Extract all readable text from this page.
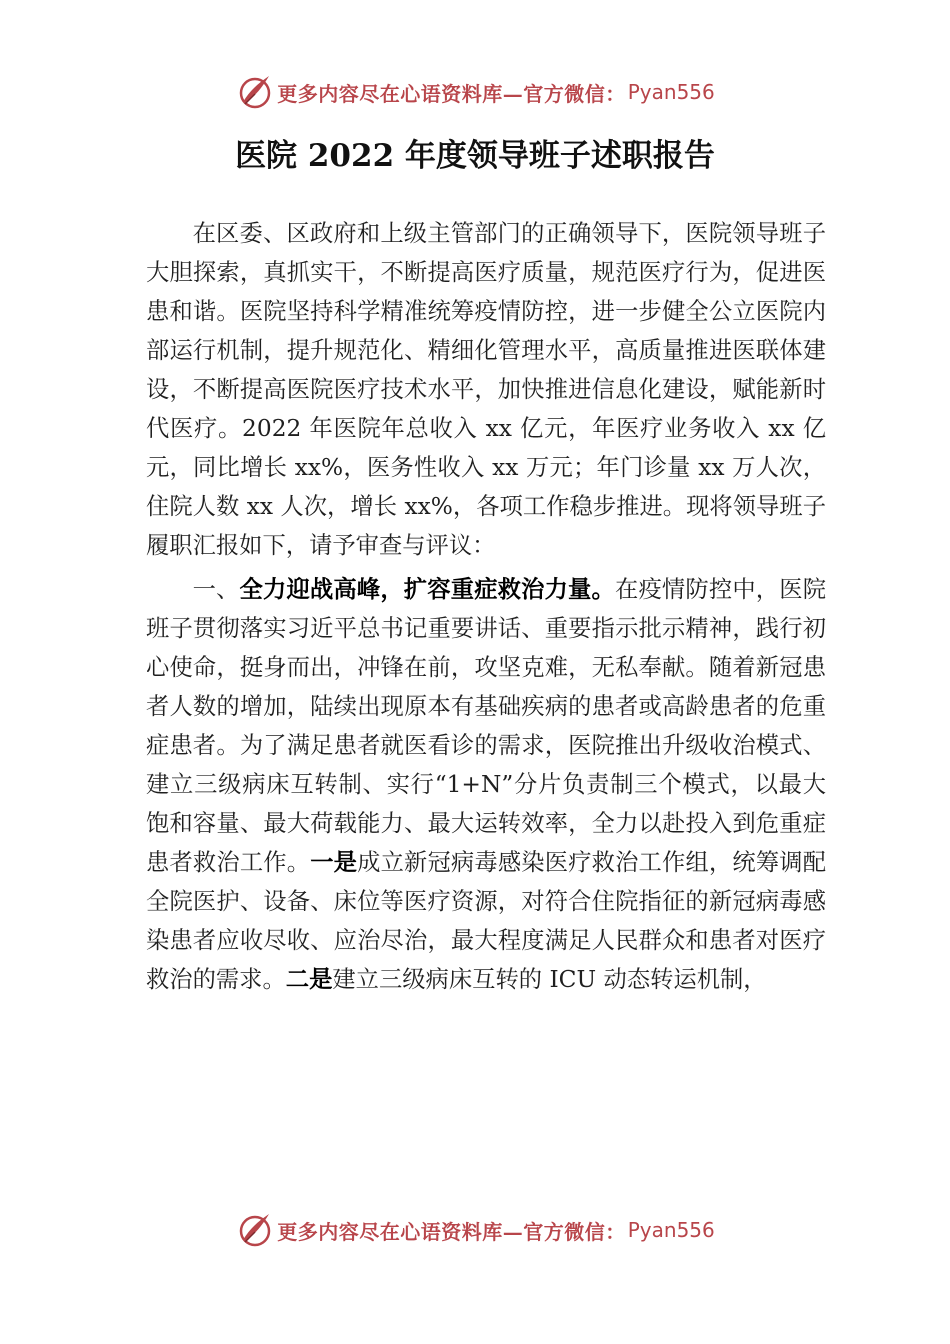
更多内容尽在心语资料库—官方微信： Pyan556
医院 2022 年度领导班子述职报告

在区委、区政府和上级主管部门的正确领导下，医院领导班子大胆探索，真抓实干，不断提高医疗质量，规范医疗行为，促进医患和谐。医院坚持科学精准统筹疫情防控，进一步健全公立医院内部运行机制，提升规范化、精细化管理水平，高质量推进医联体建设，不断提高医院医疗技术水平，加快推进信息化建设，赋能新时代医疗。2022 年医院年总收入 xx 亿元，年医疗业务收入 xx 亿元，同比增长 xx%，医务性收入 xx 万元；年门诊量 xx 万人次，住院人数 xx 人次，增长 xx%，各项工作稳步推进。现将领导班子履职汇报如下，请予审查与评议：

一、全力迎战高峰，扩容重症救治力量。在疫情防控中，医院班子贯彻落实习近平总书记重要讲话、重要指示批示精神，践行初心使命，挺身而出，冲锋在前，攻坚克难，无私奉献。随着新冠患者人数的增加，陆续出现原本有基础疾病的患者或高龄患者的危重症患者。为了满足患者就医看诊的需求，医院推出升级收治模式、建立三级病床互转制、实行“1+N”分片负责制三个模式，以最大饱和容量、最大荷载能力、最大运转效率，全力以赴投入到危重症患者救治工作。一是成立新冠病毒感染医疗救治工作组，统筹调配全院医护、设备、床位等医疗资源，对符合住院指征的新冠病毒感染患者应收尽收、应治尽治，最大程度满足人民群众和患者对医疗救治的需求。二是建立三级病床互转的 ICU 动态转运机制，

更多内容尽在心语资料库—官方微信： Pyan556
